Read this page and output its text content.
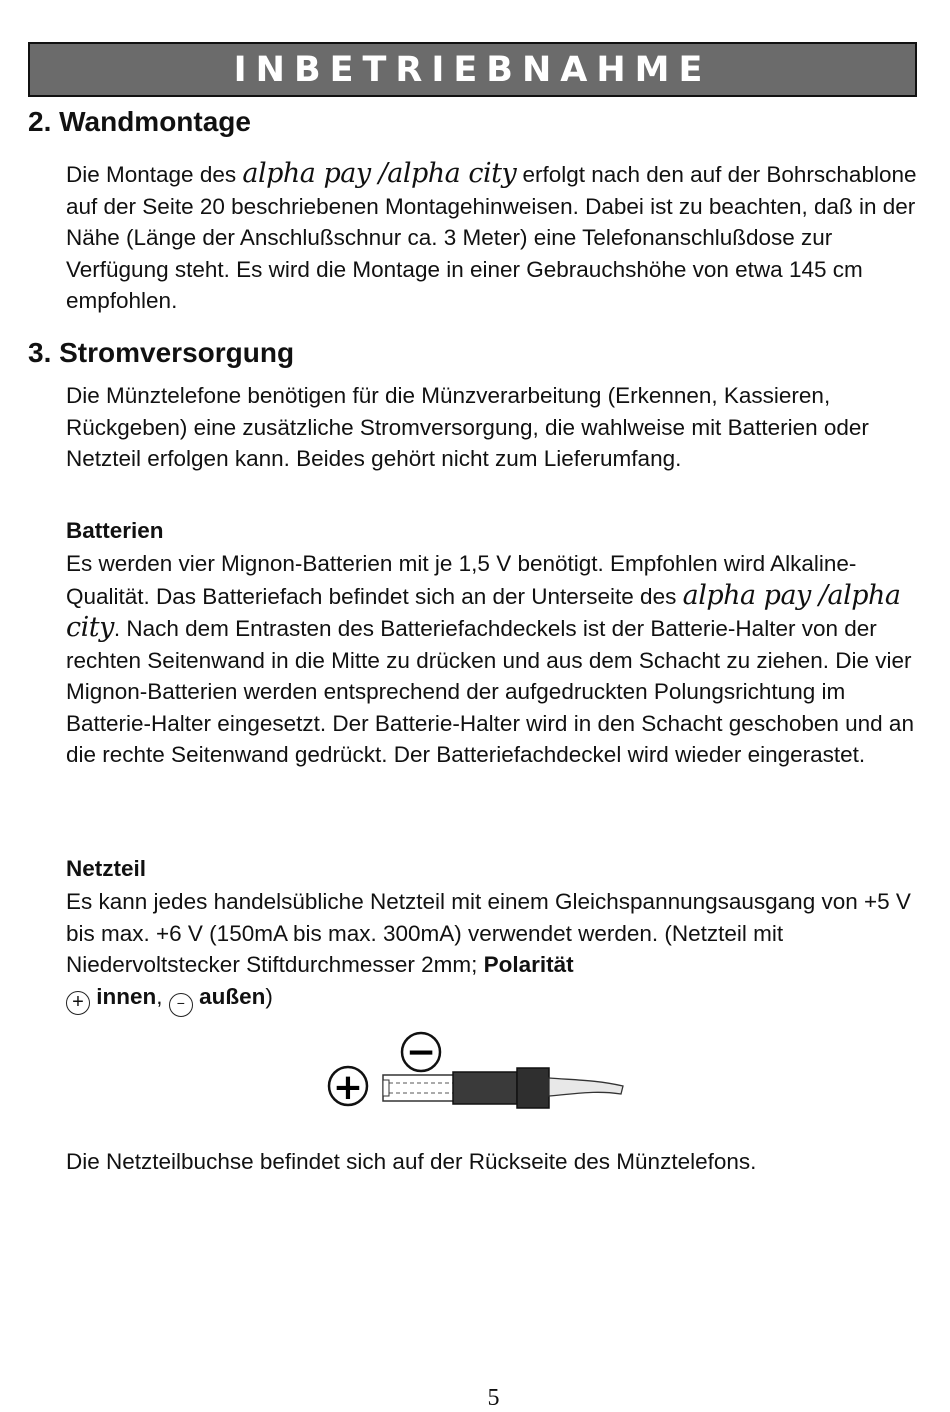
INBETRIEBNAHME
2. Wandmontage

Die Montage des alpha pay /alpha city erfolgt nach den auf der Bohrschablone auf der Seite 20 beschriebenen Montagehinweisen. Dabei ist zu beachten, daß in der Nähe (Länge der Anschlußschnur ca. 3 Meter) eine Telefonanschlußdose zur Verfügung steht. Es wird die Montage in einer Gebrauchshöhe von etwa 145 cm empfohlen.

3. Stromversorgung

Die Münztelefone benötigen für die Münzverarbeitung (Erkennen, Kassieren, Rückgeben) eine zusätzliche Stromversorgung, die wahlweise mit Batterien oder Netzteil erfolgen kann. Beides gehört nicht zum Lieferumfang.

Batterien

Es werden vier Mignon-Batterien mit je 1,5 V benötigt. Empfohlen wird Alkaline-Qualität. Das Batteriefach befindet sich an der Unterseite des alpha pay /alpha city. Nach dem Entrasten des Batteriefachdeckels ist der Batterie-Halter von der rechten Seitenwand in die Mitte zu drücken und aus dem Schacht zu ziehen. Die vier Mignon-Batterien werden entsprechend der aufgedruckten Polungsrichtung im Batterie-Halter eingesetzt. Der Batterie-Halter wird in den Schacht geschoben und an die rechte Seitenwand gedrückt. Der Batteriefachdeckel wird wieder eingerastet.

Netzteil

Es kann jedes handelsübliche Netzteil mit einem Gleichspannungsausgang von +5 V bis max. +6 V (150mA bis max. 300mA) verwendet werden. (Netzteil mit Niedervoltstecker Stiftdurchmesser 2mm; Polarität
+ innen, − außen)

−
+

Die Netzteilbuchse befindet sich auf der Rückseite des Münztelefons.

5
